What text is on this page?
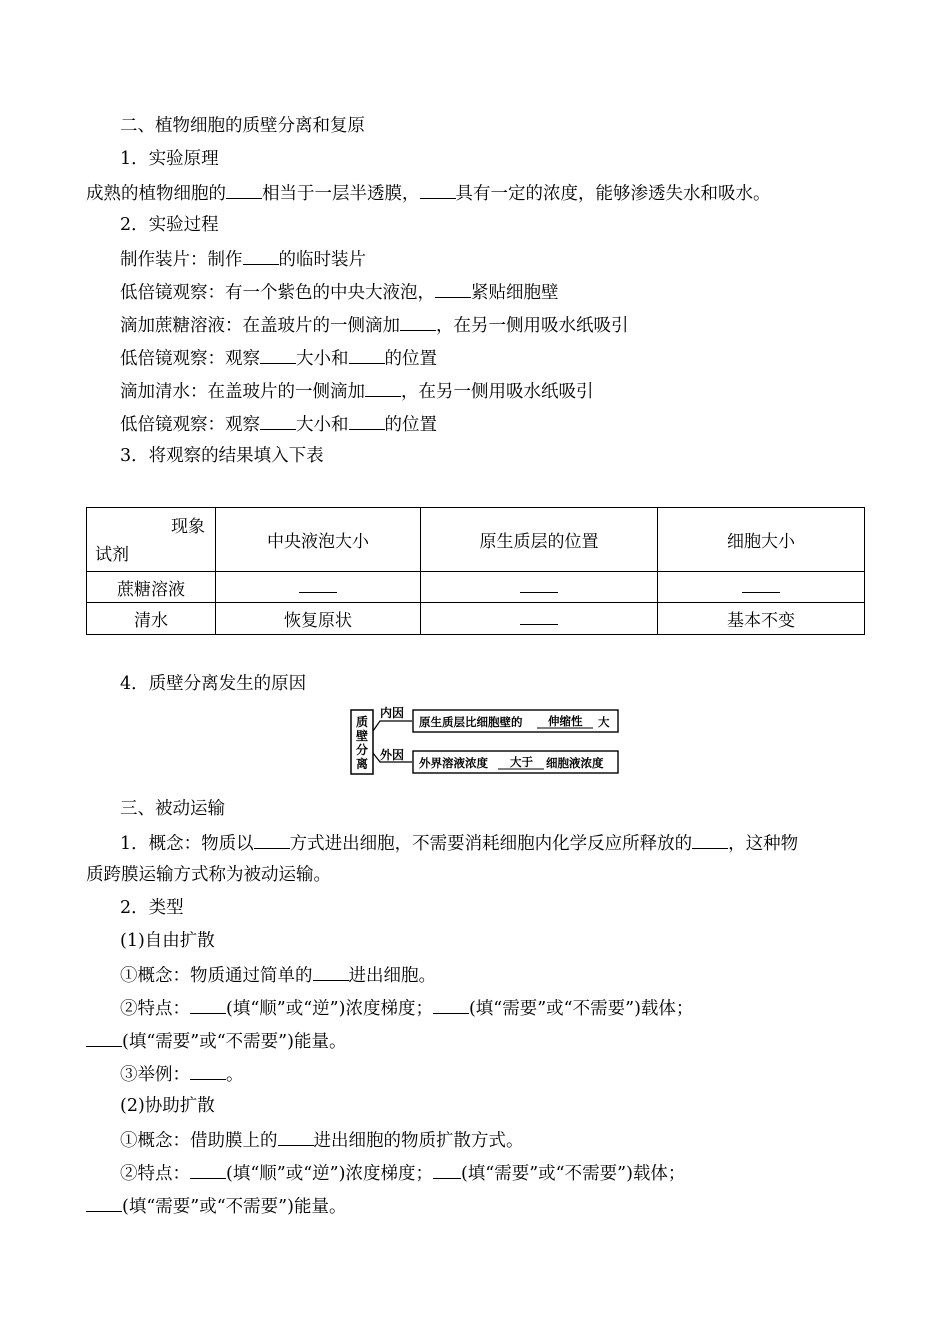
二、植物细胞的质壁分离和复原
1．实验原理
成熟的植物细胞的 相当于一层半透膜， 具有一定的浓度，能够渗透失水和吸水。
2．实验过程
制作装片：制作 的临时装片
低倍镜观察：有一个紫色的中央大液泡， 紧贴细胞壁
滴加蔗糖溶液：在盖玻片的一侧滴加 ，在另一侧用吸水纸吸引
低倍镜观察：观察 大小和 的位置
滴加清水：在盖玻片的一侧滴加 ，在另一侧用吸水纸吸引
低倍镜观察：观察 大小和 的位置
3．将观察的结果填入下表
现象
试剂	中央液泡大小	原生质层的位置	细胞大小
蔗糖溶液			
清水	恢复原状		基本不变
4．质壁分离发生的原因
质
壁
分
离
内因
外因
原生质层比细胞壁的 伸缩性 大
外界溶液浓度 大于 细胞液浓度
三、被动运输
1．概念：物质以 方式进出细胞，不需要消耗细胞内化学反应所释放的 ，这种物
质跨膜运输方式称为被动运输。
2．类型
(1)自由扩散
①概念：物质通过简单的 进出细胞。
②特点： (填“顺”或“逆”)浓度梯度； (填“需要”或“不需要”)载体；
(填“需要”或“不需要”)能量。
③举例： 。
(2)协助扩散
①概念：借助膜上的 进出细胞的物质扩散方式。
②特点： (填“顺”或“逆”)浓度梯度； (填“需要”或“不需要”)载体；
(填“需要”或“不需要”)能量。
